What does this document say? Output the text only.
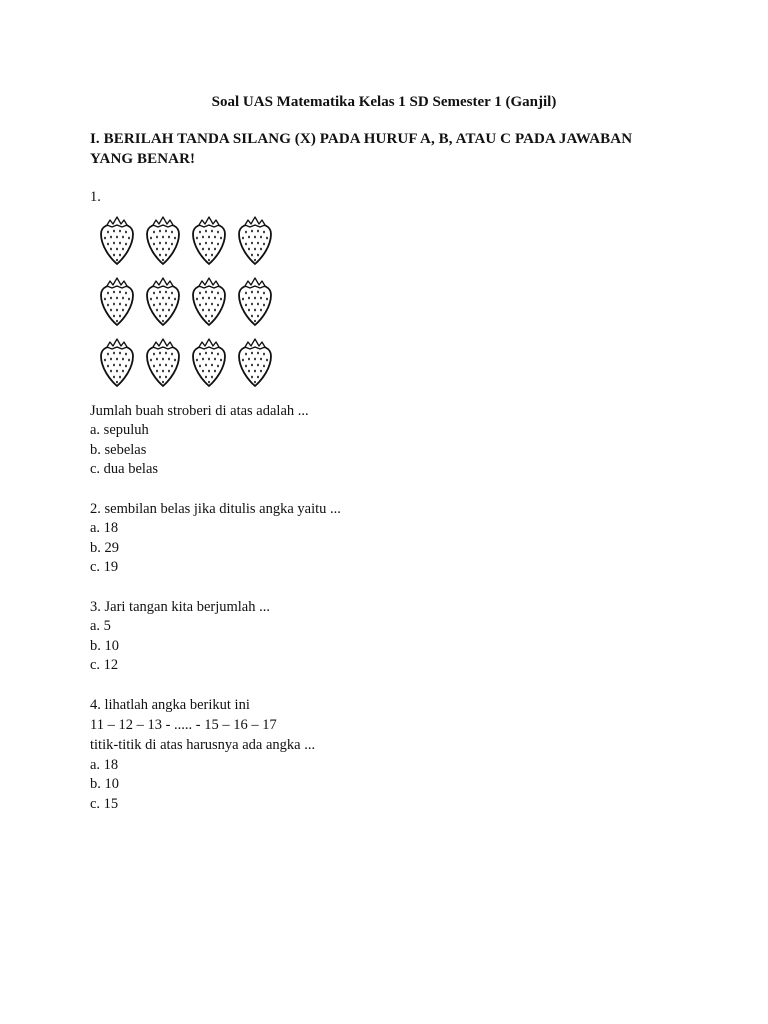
Soal UAS Matematika Kelas 1 SD Semester 1 (Ganjil)
I. BERILAH TANDA SILANG (X) PADA HURUF A, B, ATAU C PADA JAWABAN
YANG BENAR!
1.
Jumlah buah stroberi di atas adalah ...
a. sepuluh
b. sebelas
c. dua belas
2. sembilan belas jika ditulis angka yaitu ...
a. 18
b. 29
c. 19
3. Jari tangan kita berjumlah ...
a. 5
b. 10
c. 12
4. lihatlah angka berikut ini
11 – 12 – 13 - ..... - 15 – 16 – 17
titik-titik di atas harusnya ada angka ...
a. 18
b. 10
c. 15
